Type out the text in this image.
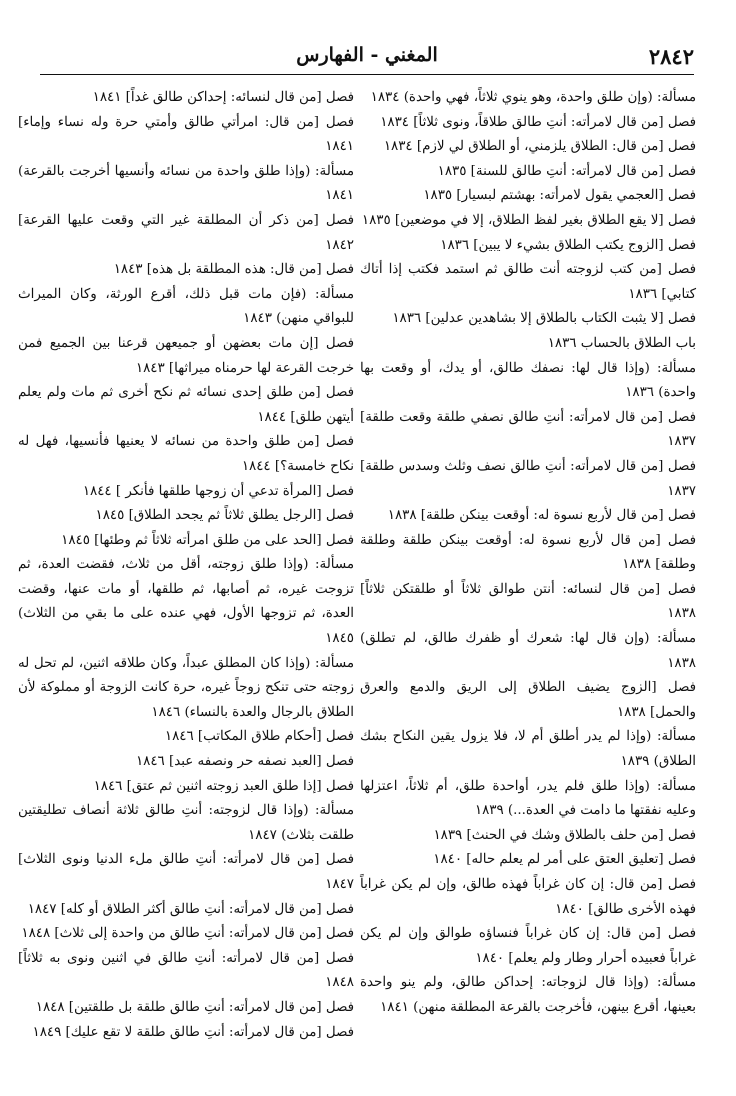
٢٨٤٢
المغني - الفهارس

مسألة: (وإن طلق واحدة، وهو ينوي ثلاثاً، فهي واحدة) ١٨٣٤

فصل [من قال لامرأته: أنتِ طالق طلاقاً، ونوى ثلاثاً] ١٨٣٤

فصل [من قال: الطلاق يلزمني، أو الطلاق لي لازم] ١٨٣٤

فصل [من قال لامرأته: أنتِ طالق للسنة] ١٨٣٥

فصل [العجمي يقول لامرأته: بهشتم لبسيار] ١٨٣٥

فصل [لا يقع الطلاق بغير لفظ الطلاق، إلا في موضعين] ١٨٣٥

فصل [الزوج يكتب الطلاق بشيء لا يبين] ١٨٣٦

فصل [من كتب لزوجته أنت طالق ثم استمد فكتب إذا أتاك كتابي] ١٨٣٦

فصل [لا يثبت الكتاب بالطلاق إلا بشاهدين عدلين] ١٨٣٦

باب الطلاق بالحساب ١٨٣٦

مسألة: (وإذا قال لها: نصفك طالق، أو يدك، أو وقعت بها واحدة) ١٨٣٦

فصل [من قال لامرأته: أنتِ طالق نصفي طلقة وقعت طلقة] ١٨٣٧

فصل [من قال لامرأته: أنتِ طالق نصف وثلث وسدس طلقة] ١٨٣٧

فصل [من قال لأربع نسوة له: أوقعت بينكن طلقة] ١٨٣٨

فصل [من قال لأربع نسوة له: أوقعت بينكن طلقة وطلقة وطلقة] ١٨٣٨

فصل [من قال لنسائه: أنتن طوالق ثلاثاً أو طلقتكن ثلاثاً] ١٨٣٨

مسألة: (وإن قال لها: شعرك أو ظفرك طالق، لم تطلق) ١٨٣٨

فصل [الزوج يضيف الطلاق إلى الريق والدمع والعرق والحمل] ١٨٣٨

مسألة: (وإذا لم يدر أطلق أم لا، فلا يزول يقين النكاح بشك الطلاق) ١٨٣٩

مسألة: (وإذا طلق فلم يدر، أواحدة طلق، أم ثلاثاً، اعتزلها وعليه نفقتها ما دامت في العدة...) ١٨٣٩

فصل [من حلف بالطلاق وشك في الحنث] ١٨٣٩

فصل [تعليق العتق على أمر لم يعلم حاله] ١٨٤٠

فصل [من قال: إن كان غراباً فهذه طالق، وإن لم يكن غراباً فهذه الأخرى طالق] ١٨٤٠

فصل [من قال: إن كان غراباً فنساؤه طوالق وإن لم يكن غراباً فعبيده أحرار وطار ولم يعلم] ١٨٤٠

مسألة: (وإذا قال لزوجاته: إحداكن طالق، ولم ينو واحدة بعينها، أقرع بينهن، فأخرجت بالقرعة المطلقة منهن) ١٨٤١

فصل [من قال لنسائه: إحداكن طالق غداً] ١٨٤١

فصل [من قال: امرأتي طالق وأمتي حرة وله نساء وإماء] ١٨٤١

مسألة: (وإذا طلق واحدة من نسائه وأنسيها أخرجت بالقرعة) ١٨٤١

فصل [من ذكر أن المطلقة غير التي وقعت عليها القرعة] ١٨٤٢

فصل [من قال: هذه المطلقة بل هذه] ١٨٤٣

مسألة: (فإن مات قبل ذلك، أقرع الورثة، وكان الميراث للبواقي منهن) ١٨٤٣

فصل [إن مات بعضهن أو جميعهن قرعنا بين الجميع فمن خرجت القرعة لها حرمناه ميراثها] ١٨٤٣

فصل [من طلق إحدى نسائه ثم نكح أخرى ثم مات ولم يعلم أيتهن طلق] ١٨٤٤

فصل [من طلق واحدة من نسائه لا يعنيها فأنسيها، فهل له نكاح خامسة؟] ١٨٤٤

فصل [المرأة تدعي أن زوجها طلقها فأنكر ] ١٨٤٤

فصل [الرجل يطلق ثلاثاً ثم يجحد الطلاق] ١٨٤٥

فصل [الحد على من طلق امرأته ثلاثاً ثم وطئها] ١٨٤٥

مسألة: (وإذا طلق زوجته، أقل من ثلاث، فقضت العدة، ثم تزوجت غيره، ثم أصابها، ثم طلقها، أو مات عنها، وقضت العدة، ثم تزوجها الأول، فهي عنده على ما بقي من الثلاث) ١٨٤٥

مسألة: (وإذا كان المطلق عبداً، وكان طلاقه اثنين، لم تحل له زوجته حتى تنكح زوجاً غيره، حرة كانت الزوجة أو مملوكة لأن الطلاق بالرجال والعدة بالنساء) ١٨٤٦

فصل [أحكام طلاق المكاتب] ١٨٤٦

فصل [العبد نصفه حر ونصفه عبد] ١٨٤٦

فصل [إذا طلق العبد زوجته اثنين ثم عتق] ١٨٤٦

مسألة: (وإذا قال لزوجته: أنتِ طالق ثلاثة أنصاف تطليقتين طلقت بثلاث) ١٨٤٧

فصل [من قال لامرأته: أنتِ طالق ملء الدنيا ونوى الثلاث] ١٨٤٧

فصل [من قال لامرأته: أنتِ طالق أكثر الطلاق أو كله] ١٨٤٧

فصل [من قال لامرأته: أنتِ طالق من واحدة إلى ثلاث] ١٨٤٨

فصل [من قال لامرأته: أنتِ طالق في اثنين ونوى به ثلاثاً] ١٨٤٨

فصل [من قال لامرأته: أنتِ طالق طلقة بل طلقتين] ١٨٤٨

فصل [من قال لامرأته: أنتِ طالق طلقة لا تقع عليك] ١٨٤٩
